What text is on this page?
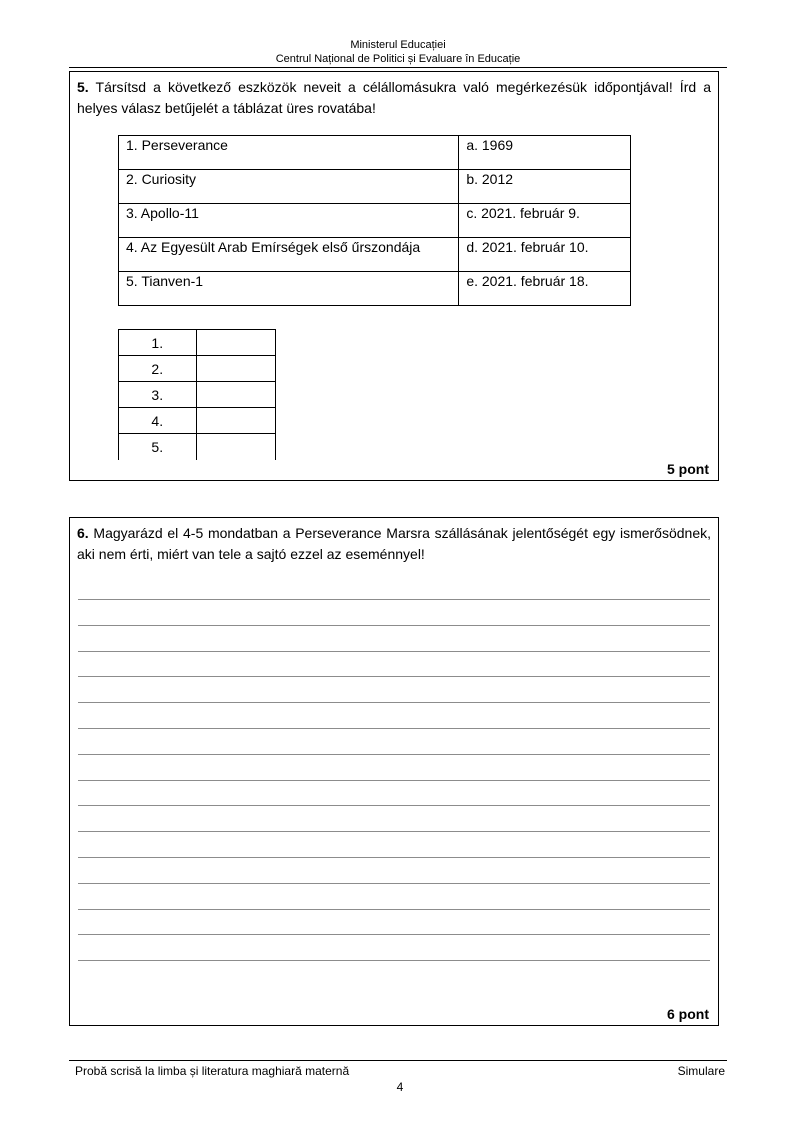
Ministerul Educației
Centrul Național de Politici și Evaluare în Educație
5. Társítsd a következő eszközök neveit a célállomásukra való megérkezésük időpontjával! Írd a helyes válasz betűjelét a táblázat üres rovatába!
1. Perseverance	a. 1969
2. Curiosity	b. 2012
3. Apollo-11	c. 2021. február 9.
4. Az Egyesült Arab Emírségek első űrszondája	d. 2021. február 10.
5. Tianven-1	e. 2021. február 18.
1.	
2.	
3.	
4.	
5.	
5 pont
6. Magyarázd el 4-5 mondatban a Perseverance Marsra szállásának jelentőségét egy ismerősödnek, aki nem érti, miért van tele a sajtó ezzel az eseménnyel!
6 pont
Probă scrisă la limba și literatura maghiară maternă	Simulare
4
